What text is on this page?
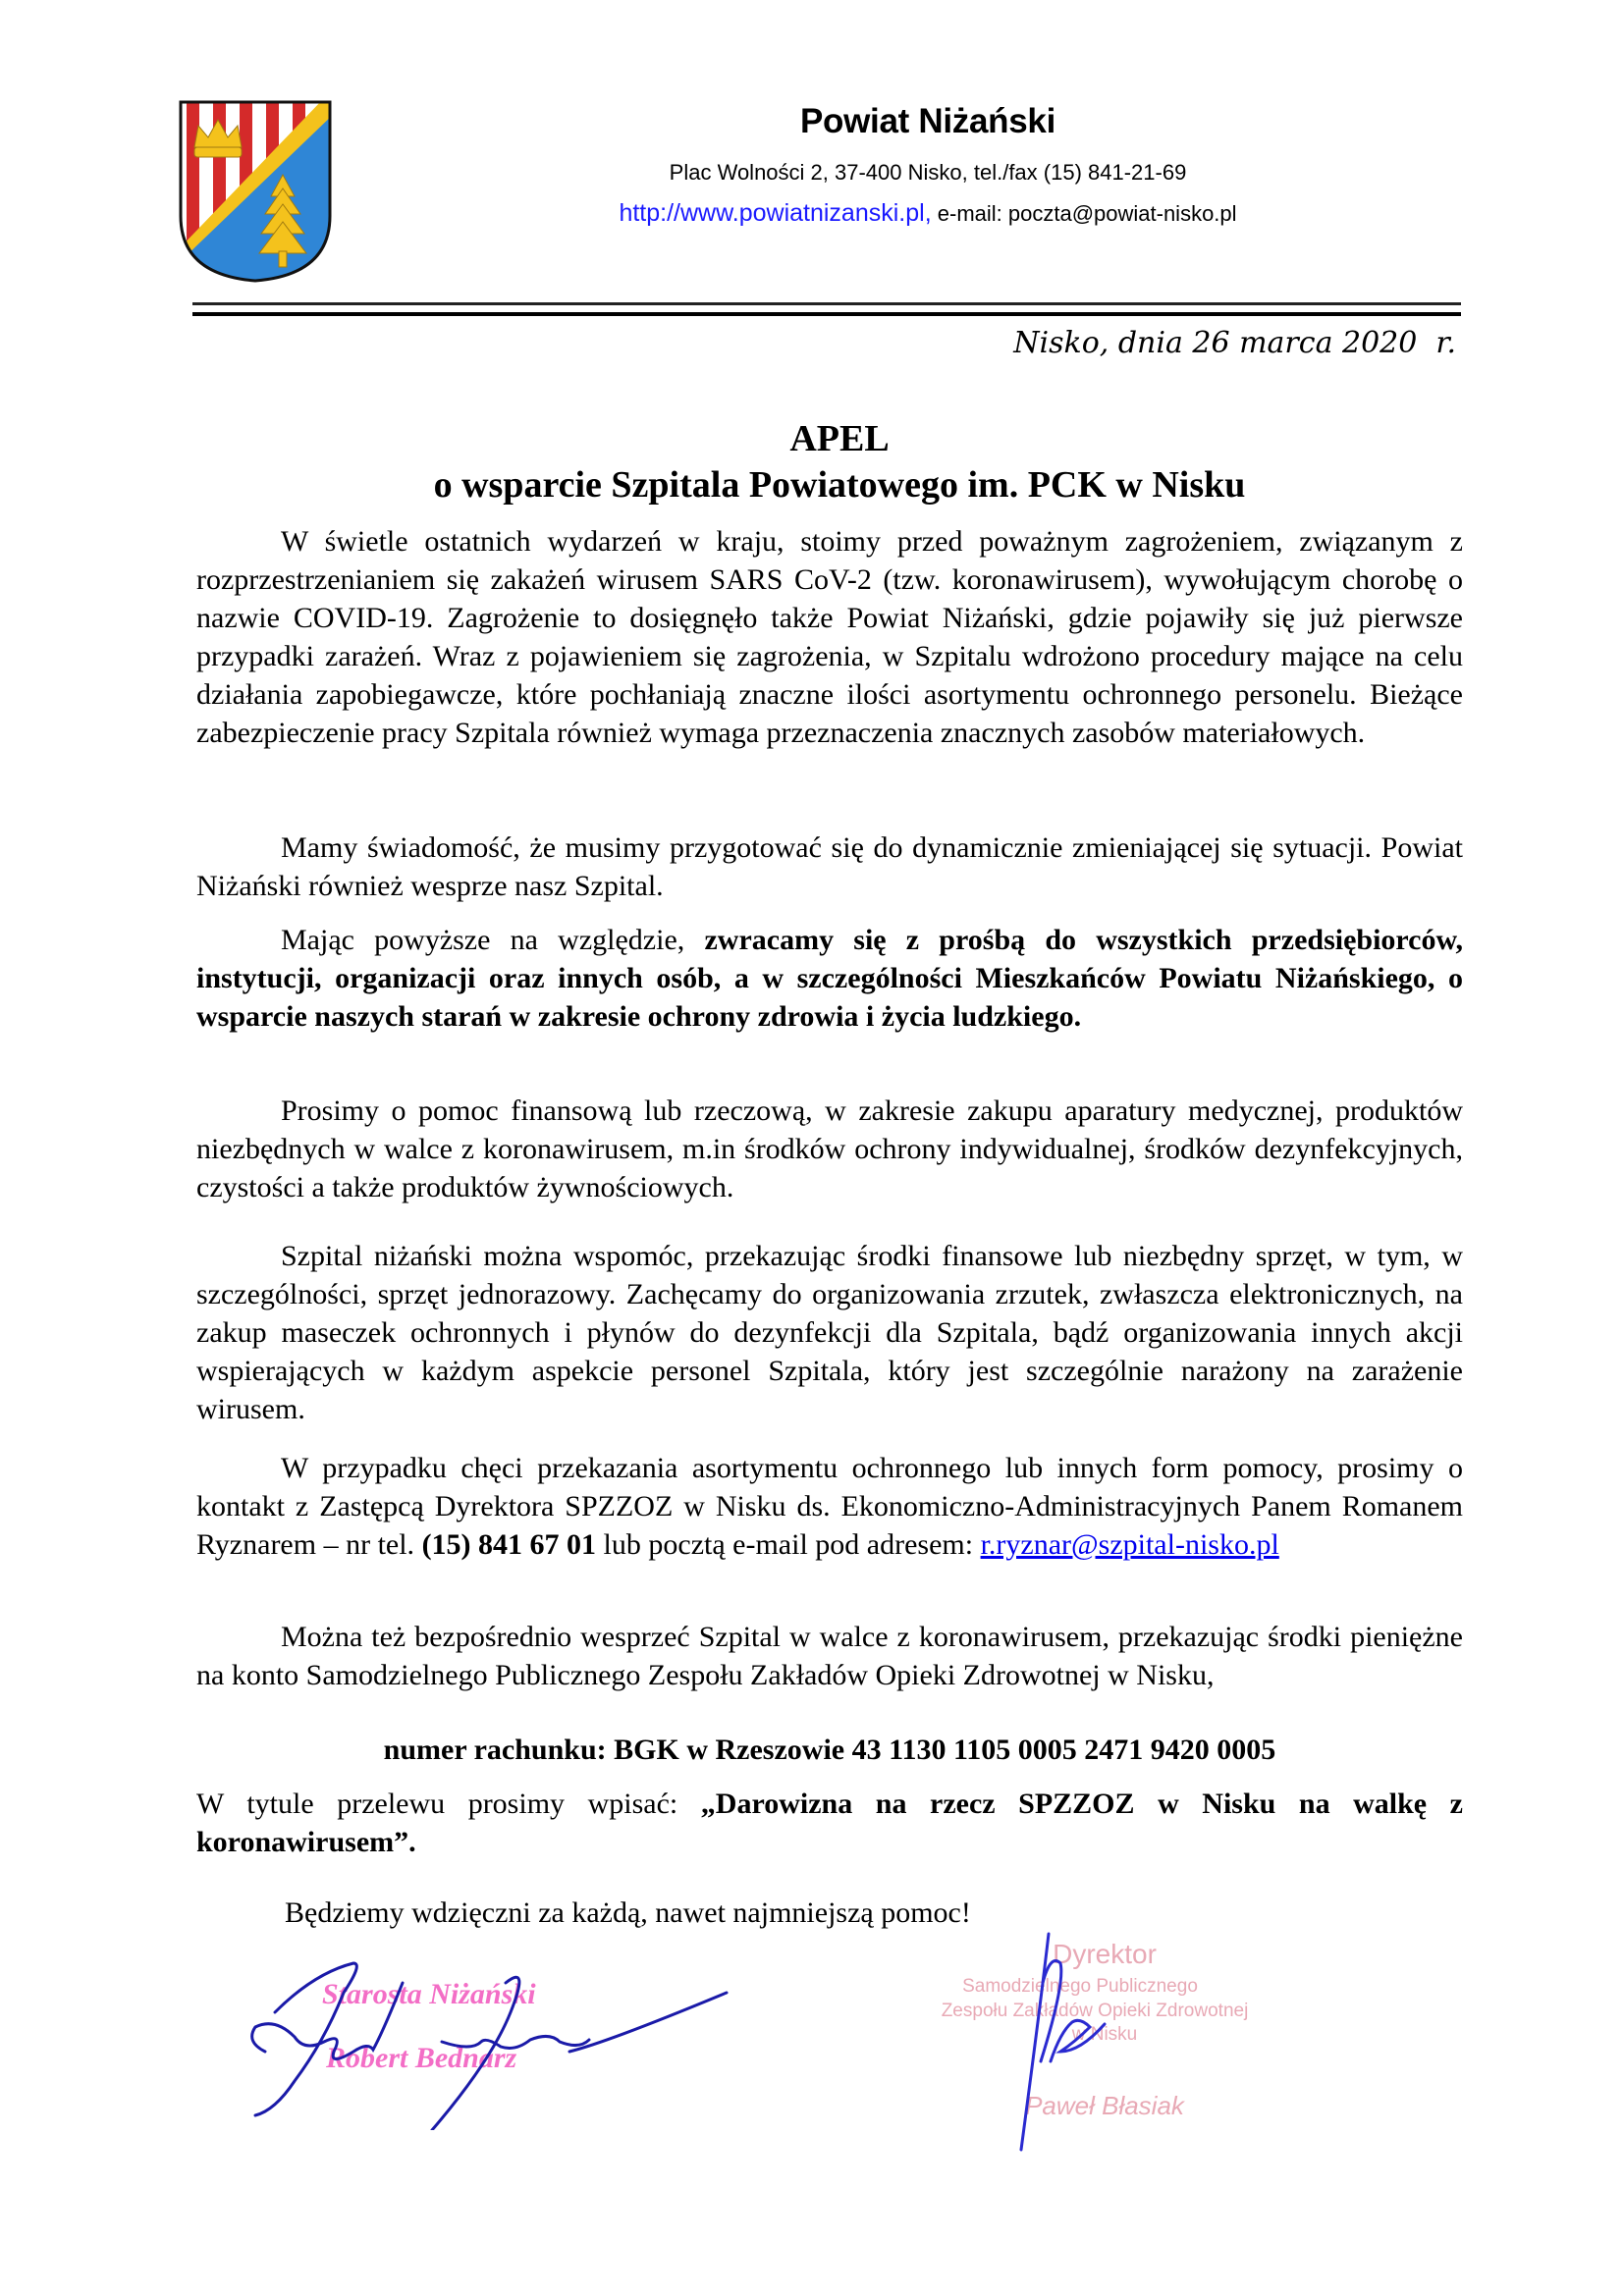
Powiat Niżański
Plac Wolności 2, 37-400 Nisko, tel./fax (15) 841-21-69
http://www.powiatnizanski.pl, e-mail: poczta@powiat-nisko.pl
Nisko, dnia 26 marca 2020  r.
APEL
o wsparcie Szpitala Powiatowego im. PCK w Nisku

W świetle ostatnich wydarzeń w kraju, stoimy przed poważnym zagrożeniem, związanym z rozprzestrzenianiem się zakażeń wirusem SARS CoV-2 (tzw. koronawirusem), wywołującym chorobę o nazwie COVID-19. Zagrożenie to dosięgnęło także Powiat Niżański, gdzie pojawiły się już pierwsze przypadki zarażeń. Wraz z pojawieniem się zagrożenia, w Szpitalu wdrożono procedury mające na celu działania zapobiegawcze, które pochłaniają znaczne ilości asortymentu ochronnego personelu. Bieżące zabezpieczenie pracy Szpitala również wymaga przeznaczenia znacznych zasobów materiałowych.

Mamy świadomość, że musimy przygotować się do dynamicznie zmieniającej się sytuacji. Powiat Niżański również wesprze nasz Szpital.

Mając powyższe na względzie, zwracamy się z prośbą do wszystkich przedsiębiorców, instytucji, organizacji oraz innych osób, a w szczególności Mieszkańców Powiatu Niżańskiego, o wsparcie naszych starań w zakresie ochrony zdrowia i życia ludzkiego.

Prosimy o pomoc finansową lub rzeczową, w zakresie zakupu aparatury medycznej, produktów niezbędnych w walce z koronawirusem, m.in środków ochrony indywidualnej, środków dezynfekcyjnych, czystości a także produktów żywnościowych.

Szpital niżański można wspomóc, przekazując środki finansowe lub niezbędny sprzęt, w tym, w szczególności, sprzęt jednorazowy. Zachęcamy do organizowania zrzutek, zwłaszcza elektronicznych, na zakup maseczek ochronnych i płynów do dezynfekcji dla Szpitala, bądź organizowania innych akcji wspierających w każdym aspekcie personel Szpitala, który jest szczególnie narażony na zarażenie wirusem.

W przypadku chęci przekazania asortymentu ochronnego lub innych form pomocy, prosimy o kontakt z Zastępcą Dyrektora SPZZOZ w Nisku ds. Ekonomiczno-Administracyjnych Panem Romanem Ryznarem – nr tel. (15) 841 67 01 lub pocztą e-mail pod adresem: r.ryznar@szpital-nisko.pl

Można też bezpośrednio wesprzeć Szpital w walce z koronawirusem, przekazując środki pieniężne na konto Samodzielnego Publicznego Zespołu Zakładów Opieki Zdrowotnej w Nisku,

numer rachunku: BGK w Rzeszowie 43 1130 1105 0005 2471 9420 0005

W tytule przelewu prosimy wpisać: „Darowizna na rzecz SPZZOZ w Nisku na walkę z koronawirusem”.

Będziemy wdzięczni za każdą, nawet najmniejszą pomoc!
Starosta Niżański
Robert Bednarz
Dyrektor
Samodzielnego Publicznego
Zespołu Zakładów Opieki Zdrowotnej
w Nisku
Paweł Błasiak
